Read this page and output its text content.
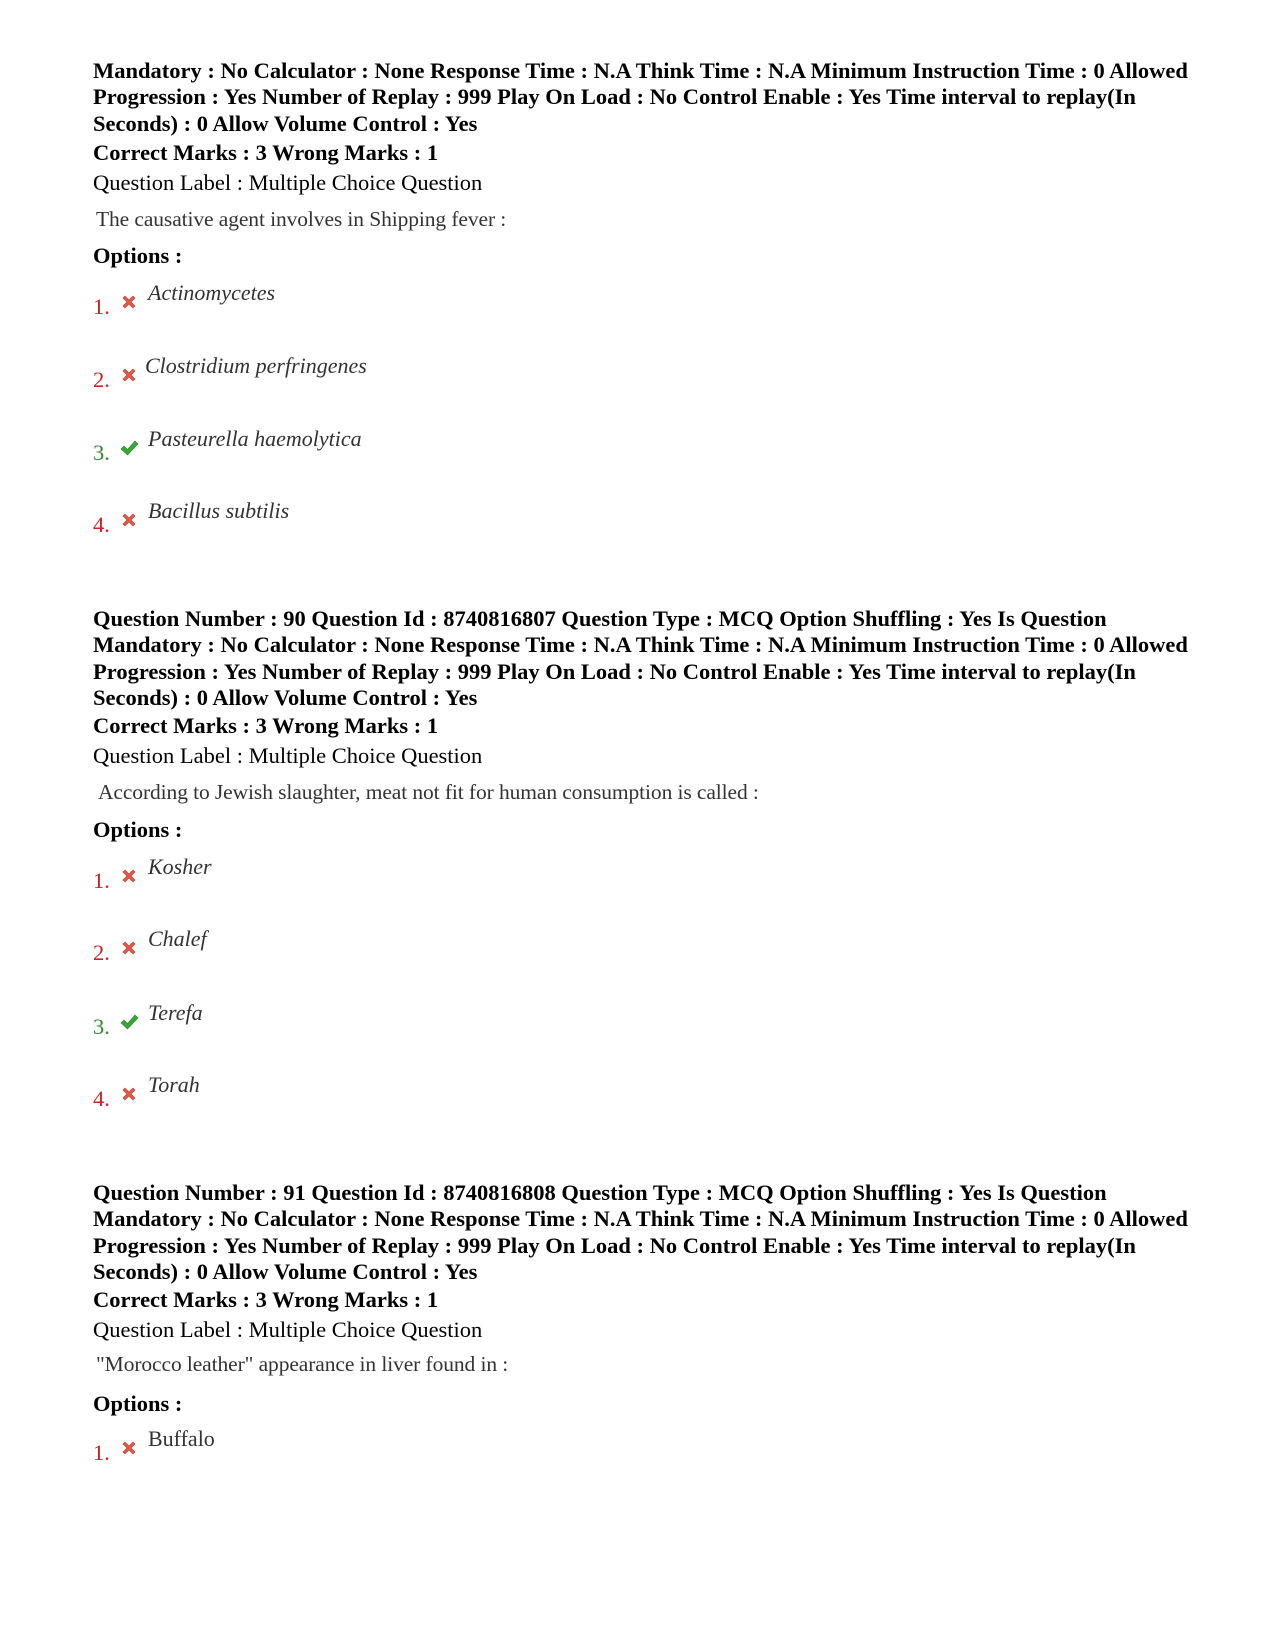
Mandatory : No Calculator : None Response Time : N.A Think Time : N.A Minimum Instruction Time : 0 Allowed Progression : Yes Number of Replay : 999 Play On Load : No Control Enable : Yes Time interval to replay(In Seconds) : 0 Allow Volume Control : Yes

Correct Marks : 3 Wrong Marks : 1

Question Label : Multiple Choice Question

The causative agent involves in Shipping fever :

Options :

1.
Actinomycetes
2.
Clostridium perfringenes
3.
Pasteurella haemolytica
4.
Bacillus subtilis

Question Number : 90 Question Id : 8740816807 Question Type : MCQ Option Shuffling : Yes Is Question Mandatory : No Calculator : None Response Time : N.A Think Time : N.A Minimum Instruction Time : 0 Allowed Progression : Yes Number of Replay : 999 Play On Load : No Control Enable : Yes Time interval to replay(In Seconds) : 0 Allow Volume Control : Yes

Correct Marks : 3 Wrong Marks : 1

Question Label : Multiple Choice Question

According to Jewish slaughter, meat not fit for human consumption is called :

Options :

1.
Kosher
2.
Chalef
3.
Terefa
4.
Torah

Question Number : 91 Question Id : 8740816808 Question Type : MCQ Option Shuffling : Yes Is Question Mandatory : No Calculator : None Response Time : N.A Think Time : N.A Minimum Instruction Time : 0 Allowed Progression : Yes Number of Replay : 999 Play On Load : No Control Enable : Yes Time interval to replay(In Seconds) : 0 Allow Volume Control : Yes

Correct Marks : 3 Wrong Marks : 1

Question Label : Multiple Choice Question

"Morocco leather" appearance in liver found in :

Options :

1.
Buffalo
